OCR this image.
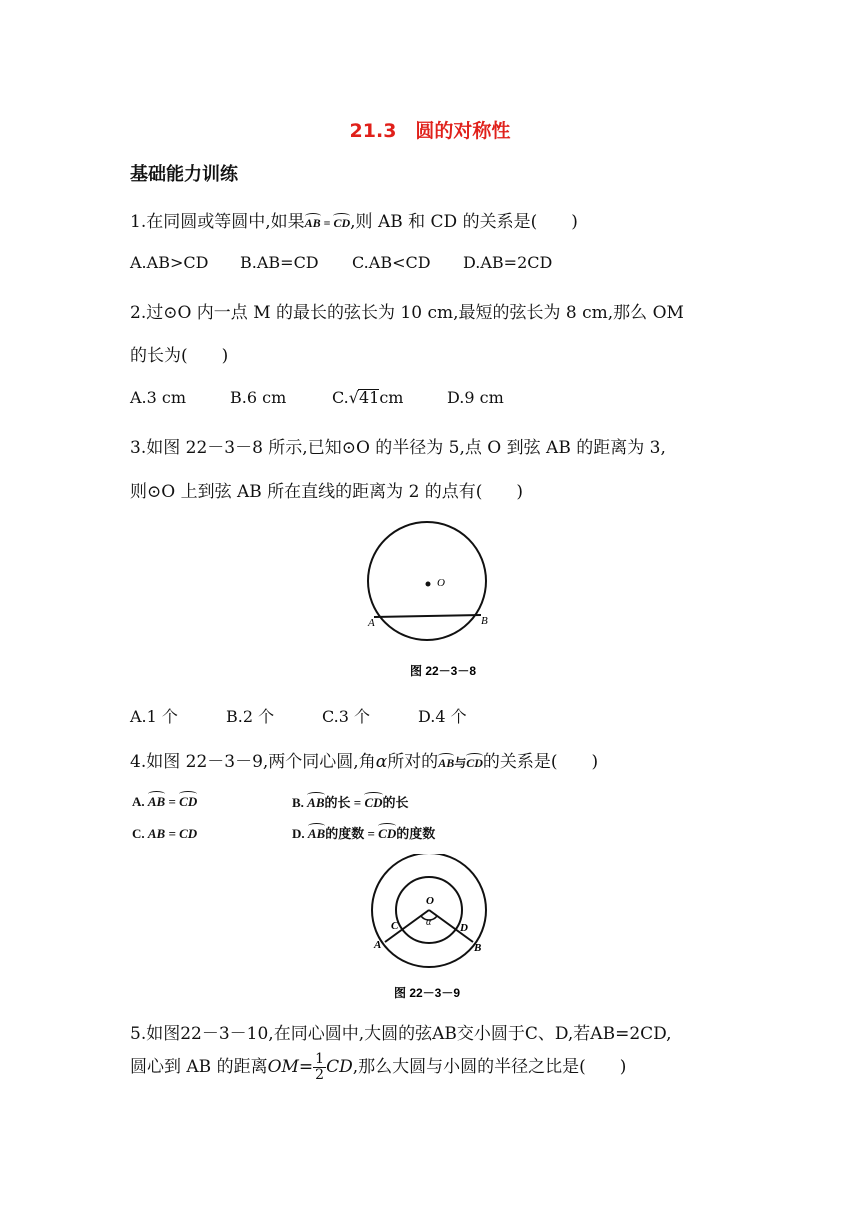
21.3　圆的对称性
基础能力训练
1.在同圆或等圆中,如果AB = CD,则 AB 和 CD 的关系是(　　)
A.AB>CD B.AB=CD C.AB<CD D.AB=2CD
2.过⊙O 内一点 M 的最长的弦长为 10 cm,最短的弦长为 8 cm,那么 OM
的长为(　　)
A.3 cm	B.6 cm	C.√41cm	D.9 cm
3.如图 22－3－8 所示,已知⊙O 的半径为 5,点 O 到弦 AB 的距离为 3,
则⊙O 上到弦 AB 所在直线的距离为 2 的点有(　　)
O
A	B
图 22－3－8
A.1 个	B.2 个	C.3 个	D.4 个
4.如图 22－3－9,两个同心圆,角α所对的AB与CD的关系是(　　)
A. AB = CD	B. AB的长 = CD的长
C. AB = CD	D. AB的度数 = CD的度数
O
α
C	D
A	B
图 22－3－9
5.如图22－3－10,在同心圆中,大圆的弦AB交小圆于C、D,若AB=2CD,
圆心到 AB 的距离$OM= \frac{1}{2}$ CD,那么大圆与小圆的半径之比是(　　)
